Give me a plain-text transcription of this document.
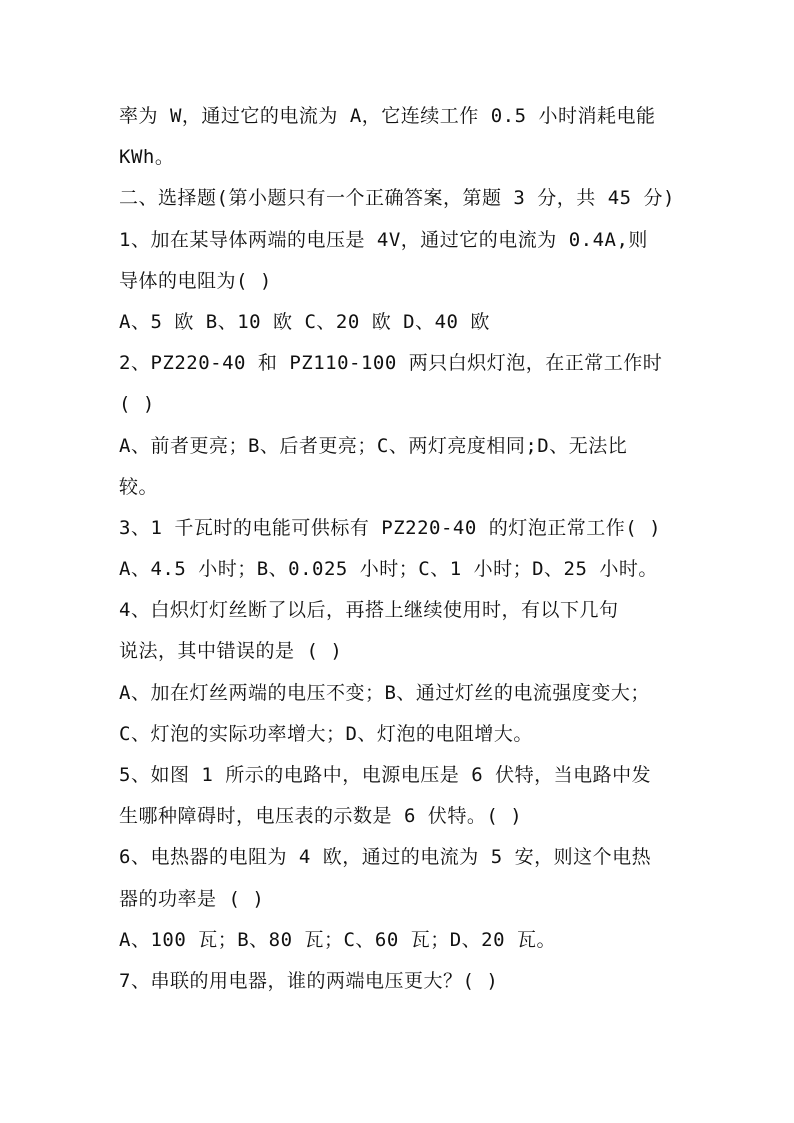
率为 W，通过它的电流为 A，它连续工作 0.5 小时消耗电能
KWh。
二、选择题(第小题只有一个正确答案，第题 3 分，共 45 分)
1、加在某导体两端的电压是 4V，通过它的电流为 0.4A,则
导体的电阻为( )
A、5 欧 B、10 欧 C、20 欧 D、40 欧
2、PZ220-40 和 PZ110-100 两只白炽灯泡，在正常工作时
( )
A、前者更亮；B、后者更亮；C、两灯亮度相同;D、无法比
较。
3、1 千瓦时的电能可供标有 PZ220-40 的灯泡正常工作( )
A、4.5 小时；B、0.025 小时；C、1 小时；D、25 小时。
4、白炽灯灯丝断了以后，再搭上继续使用时，有以下几句
说法，其中错误的是 ( )
A、加在灯丝两端的电压不变；B、通过灯丝的电流强度变大；
C、灯泡的实际功率增大；D、灯泡的电阻增大。
5、如图 1 所示的电路中，电源电压是 6 伏特，当电路中发
生哪种障碍时，电压表的示数是 6 伏特。( )
6、电热器的电阻为 4 欧，通过的电流为 5 安，则这个电热
器的功率是 ( )
A、100 瓦；B、80 瓦；C、60 瓦；D、20 瓦。
7、串联的用电器，谁的两端电压更大？( )
